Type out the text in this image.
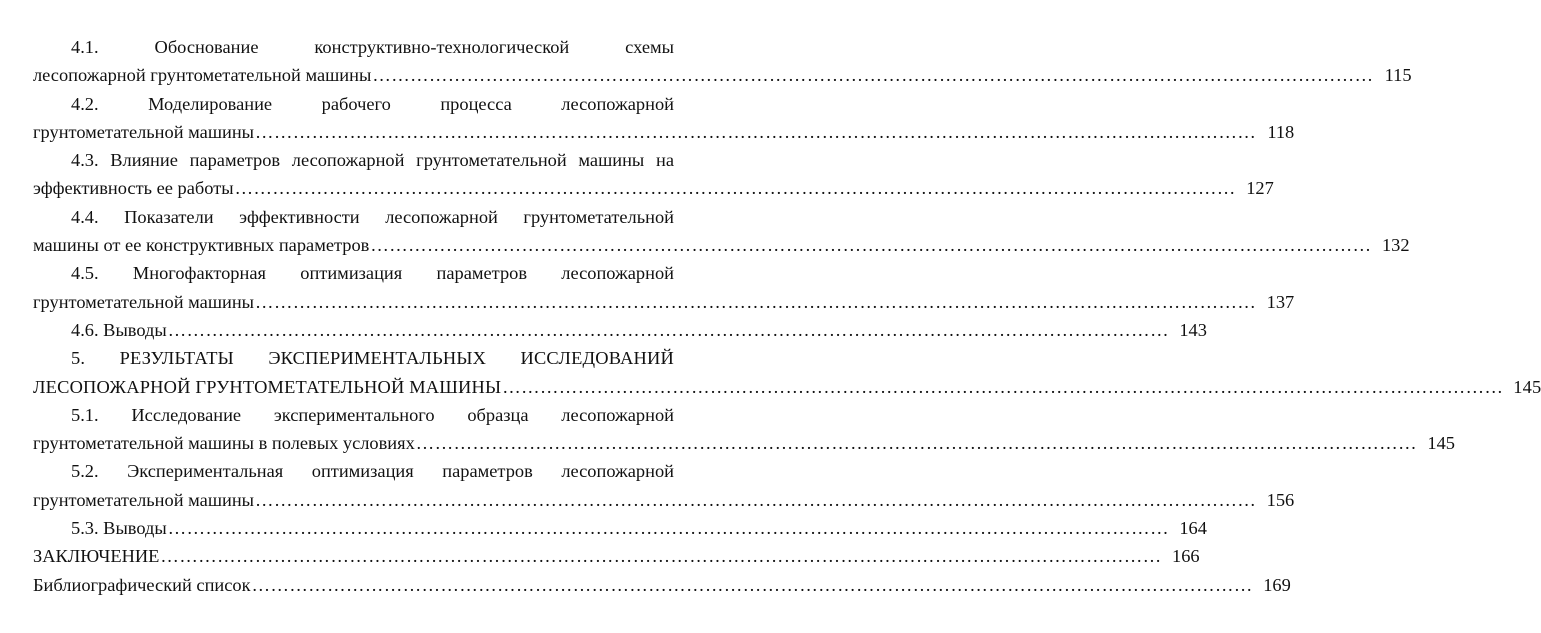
4.1. Обоснование конструктивно-технологической схемы
лесопожарной грунтометательной машины …………………………………………………………………………………………………………………………………………… 115
4.2. Моделирование рабочего процесса лесопожарной
грунтометательной машины …………………………………………………………………………………………………………………………………………… 118
4.3. Влияние параметров лесопожарной грунтометательной машины на
эффективность ее работы …………………………………………………………………………………………………………………………………………… 127
4.4. Показатели эффективности лесопожарной грунтометательной
машины от ее конструктивных параметров …………………………………………………………………………………………………………………………………………… 132
4.5. Многофакторная оптимизация параметров лесопожарной
грунтометательной машины …………………………………………………………………………………………………………………………………………… 137
4.6. Выводы …………………………………………………………………………………………………………………………………………… 143
5. РЕЗУЛЬТАТЫ ЭКСПЕРИМЕНТАЛЬНЫХ ИССЛЕДОВАНИЙ
ЛЕСОПОЖАРНОЙ ГРУНТОМЕТАТЕЛЬНОЙ МАШИНЫ …………………………………………………………………………………………………………………………………………… 145
5.1. Исследование экспериментального образца лесопожарной
грунтометательной машины в полевых условиях …………………………………………………………………………………………………………………………………………… 145
5.2. Экспериментальная оптимизация параметров лесопожарной
грунтометательной машины …………………………………………………………………………………………………………………………………………… 156
5.3. Выводы …………………………………………………………………………………………………………………………………………… 164
ЗАКЛЮЧЕНИЕ …………………………………………………………………………………………………………………………………………… 166
Библиографический список …………………………………………………………………………………………………………………………………………… 169
